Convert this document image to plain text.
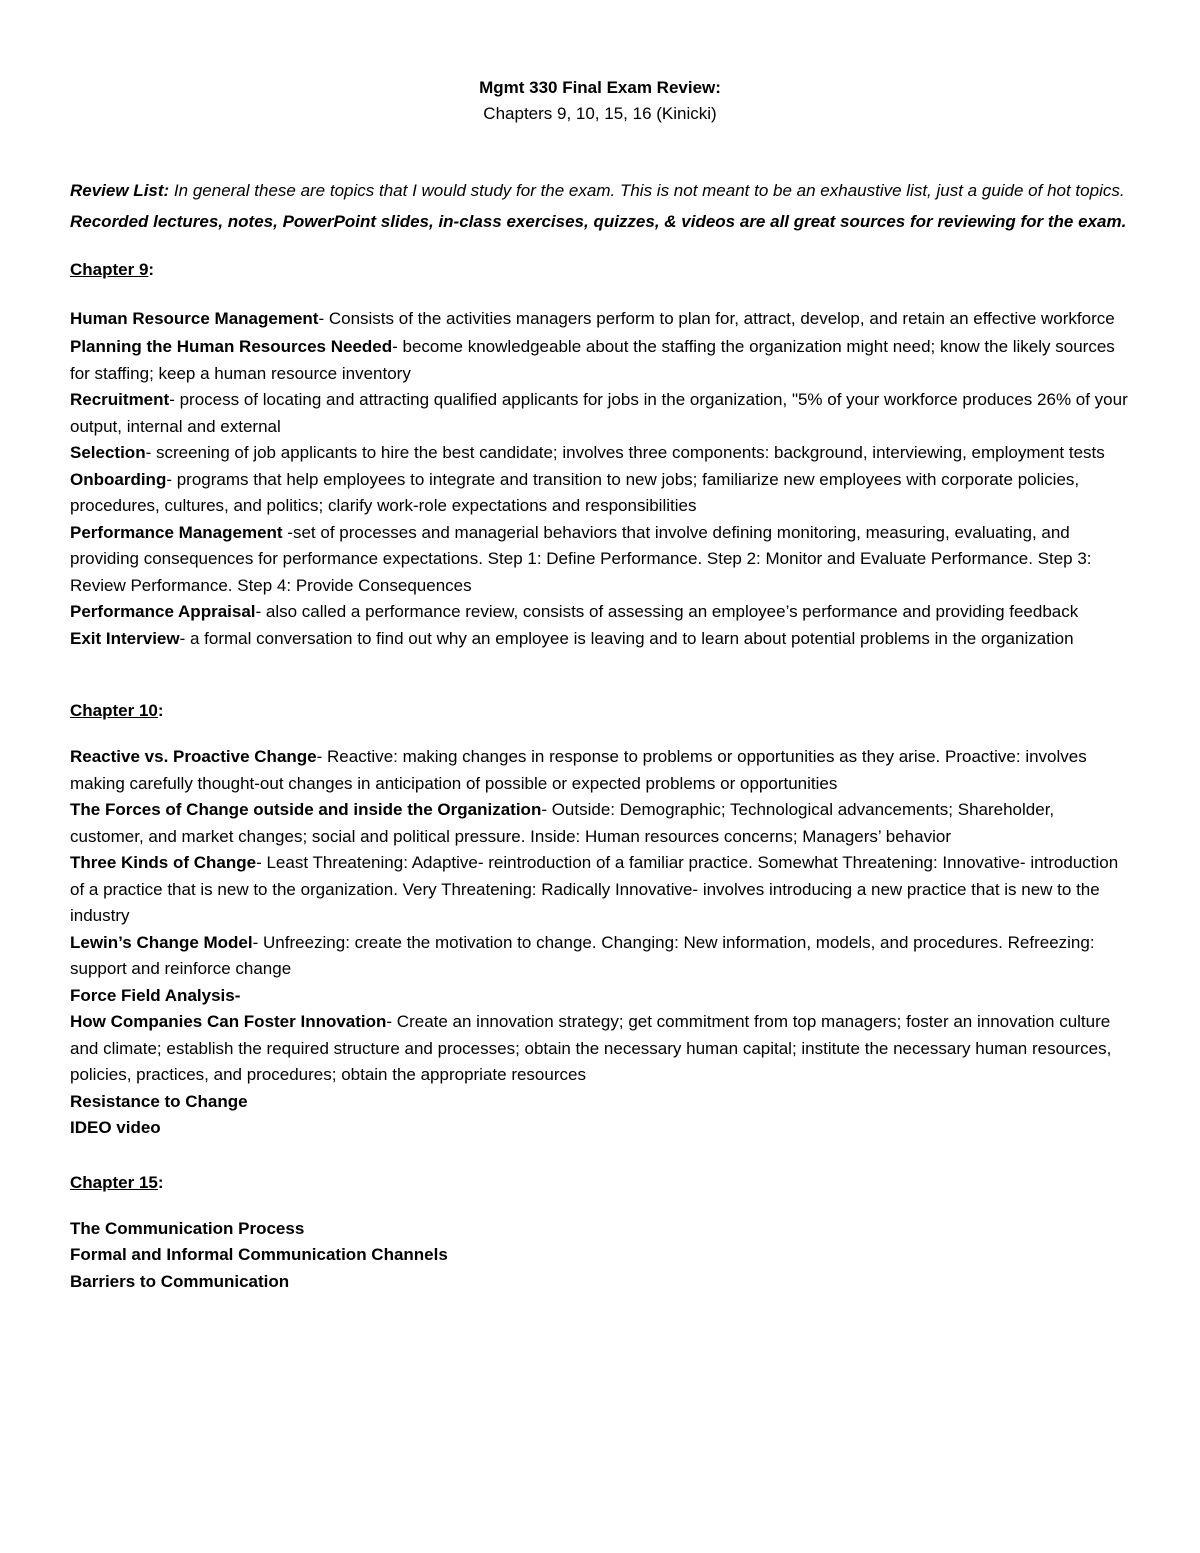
Mgmt 330 Final Exam Review:
Chapters 9, 10, 15, 16 (Kinicki)
Review List: In general these are topics that I would study for the exam. This is not meant to be an exhaustive list, just a guide of hot topics. Recorded lectures, notes, PowerPoint slides, in-class exercises, quizzes, & videos are all great sources for reviewing for the exam.
Chapter 9:

Human Resource Management- Consists of the activities managers perform to plan for, attract, develop, and retain an effective workforce

Planning the Human Resources Needed- become knowledgeable about the staffing the organization might need; know the likely sources for staffing; keep a human resource inventory

Recruitment- process of locating and attracting qualified applicants for jobs in the organization, "5% of your workforce produces 26% of your output, internal and external

Selection- screening of job applicants to hire the best candidate; involves three components: background, interviewing, employment tests

Onboarding- programs that help employees to integrate and transition to new jobs; familiarize new employees with corporate policies, procedures, cultures, and politics; clarify work-role expectations and responsibilities

Performance Management -set of processes and managerial behaviors that involve defining monitoring, measuring, evaluating, and providing consequences for performance expectations. Step 1: Define Performance. Step 2: Monitor and Evaluate Performance. Step 3: Review Performance. Step 4: Provide Consequences

Performance Appraisal- also called a performance review, consists of assessing an employee’s performance and providing feedback

Exit Interview- a formal conversation to find out why an employee is leaving and to learn about potential problems in the organization

Chapter 10:

Reactive vs. Proactive Change- Reactive: making changes in response to problems or opportunities as they arise. Proactive: involves making carefully thought-out changes in anticipation of possible or expected problems or opportunities

The Forces of Change outside and inside the Organization- Outside: Demographic; Technological advancements; Shareholder, customer, and market changes; social and political pressure. Inside: Human resources concerns; Managers’ behavior

Three Kinds of Change- Least Threatening: Adaptive- reintroduction of a familiar practice. Somewhat Threatening: Innovative- introduction of a practice that is new to the organization. Very Threatening: Radically Innovative- involves introducing a new practice that is new to the industry

Lewin’s Change Model- Unfreezing: create the motivation to change. Changing: New information, models, and procedures. Refreezing: support and reinforce change

Force Field Analysis-

How Companies Can Foster Innovation- Create an innovation strategy; get commitment from top managers; foster an innovation culture and climate; establish the required structure and processes; obtain the necessary human capital; institute the necessary human resources, policies, practices, and procedures; obtain the appropriate resources

Resistance to Change

IDEO video

Chapter 15:

The Communication Process

Formal and Informal Communication Channels

Barriers to Communication
